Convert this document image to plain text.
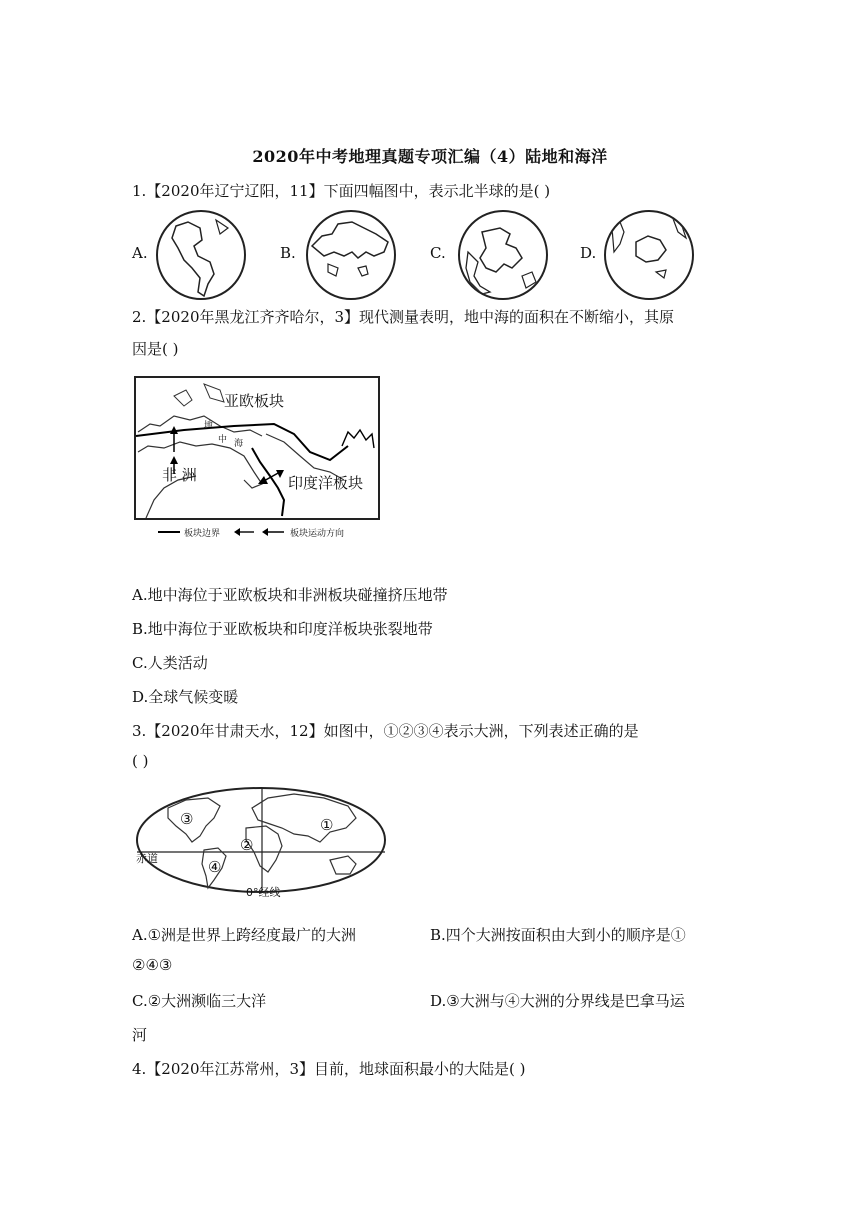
2020年中考地理真题专项汇编（4）陆地和海洋
1.【2020年辽宁辽阳，11】下面四幅图中，表示北半球的是( )
A.	B.	C.	D.
2.【2020年黑龙江齐齐哈尔，3】现代测量表明，地中海的面积在不断缩小，其原
因是( )
亚欧板块
非 洲	印度洋板块
地
中 海
板块边界	板块运动方向
A.地中海位于亚欧板块和非洲板块碰撞挤压地带
B.地中海位于亚欧板块和印度洋板块张裂地带
C.人类活动
D.全球气候变暖
3.【2020年甘肃天水，12】如图中，①②③④表示大洲，下列表述正确的是
( )
③	①
②
④
赤道
0°经线
A.①洲是世界上跨经度最广的大洲	B.四个大洲按面积由大到小的顺序是①
②④③
C.②大洲濒临三大洋	D.③大洲与④大洲的分界线是巴拿马运
河
4.【2020年江苏常州，3】目前，地球面积最小的大陆是( )
